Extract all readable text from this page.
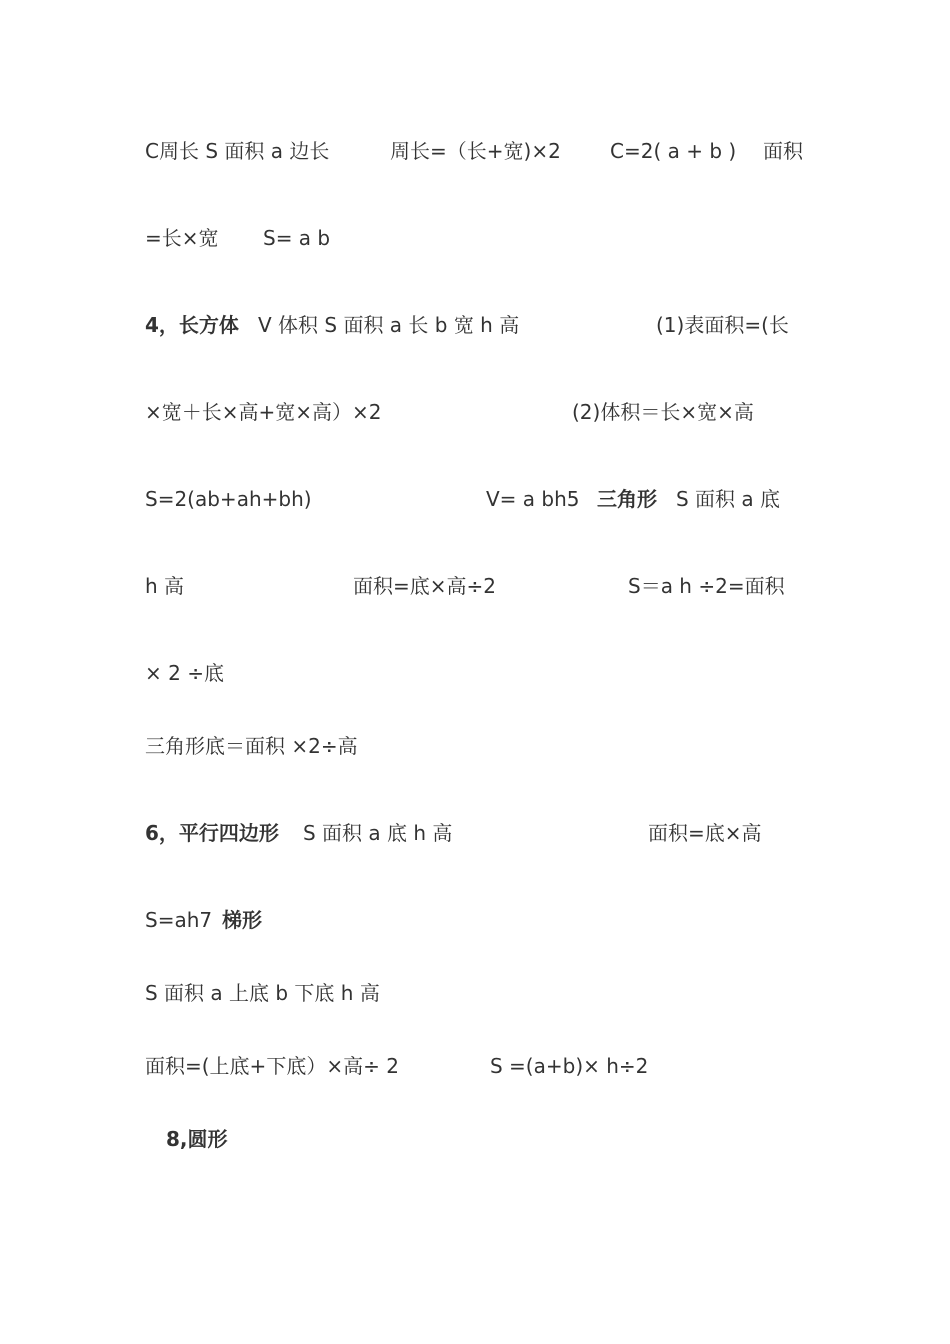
C周长 S 面积 a 边长	周长=（长+宽)×2 C=2( a + b ) 面积
=长×宽 S= a b
4，长方体 V 体积 S 面积 a 长 b 宽 h 高	(1)表面积=(长
×宽＋长×高+宽×高）×2	(2)体积＝长×宽×高
S=2(ab+ah+bh)	V= a bh5 三角形 S 面积 a 底
h 高	面积=底×高÷2	S＝a h ÷2=面积
× 2 ÷底
三角形底＝面积 ×2÷高
6，平行四边形 S 面积 a 底 h 高	面积=底×高
S=ah7 梯形
S 面积 a 上底 b 下底 h 高
面积=(上底+下底）×高÷ 2	S =(a+b)× h÷2
8,圆形
